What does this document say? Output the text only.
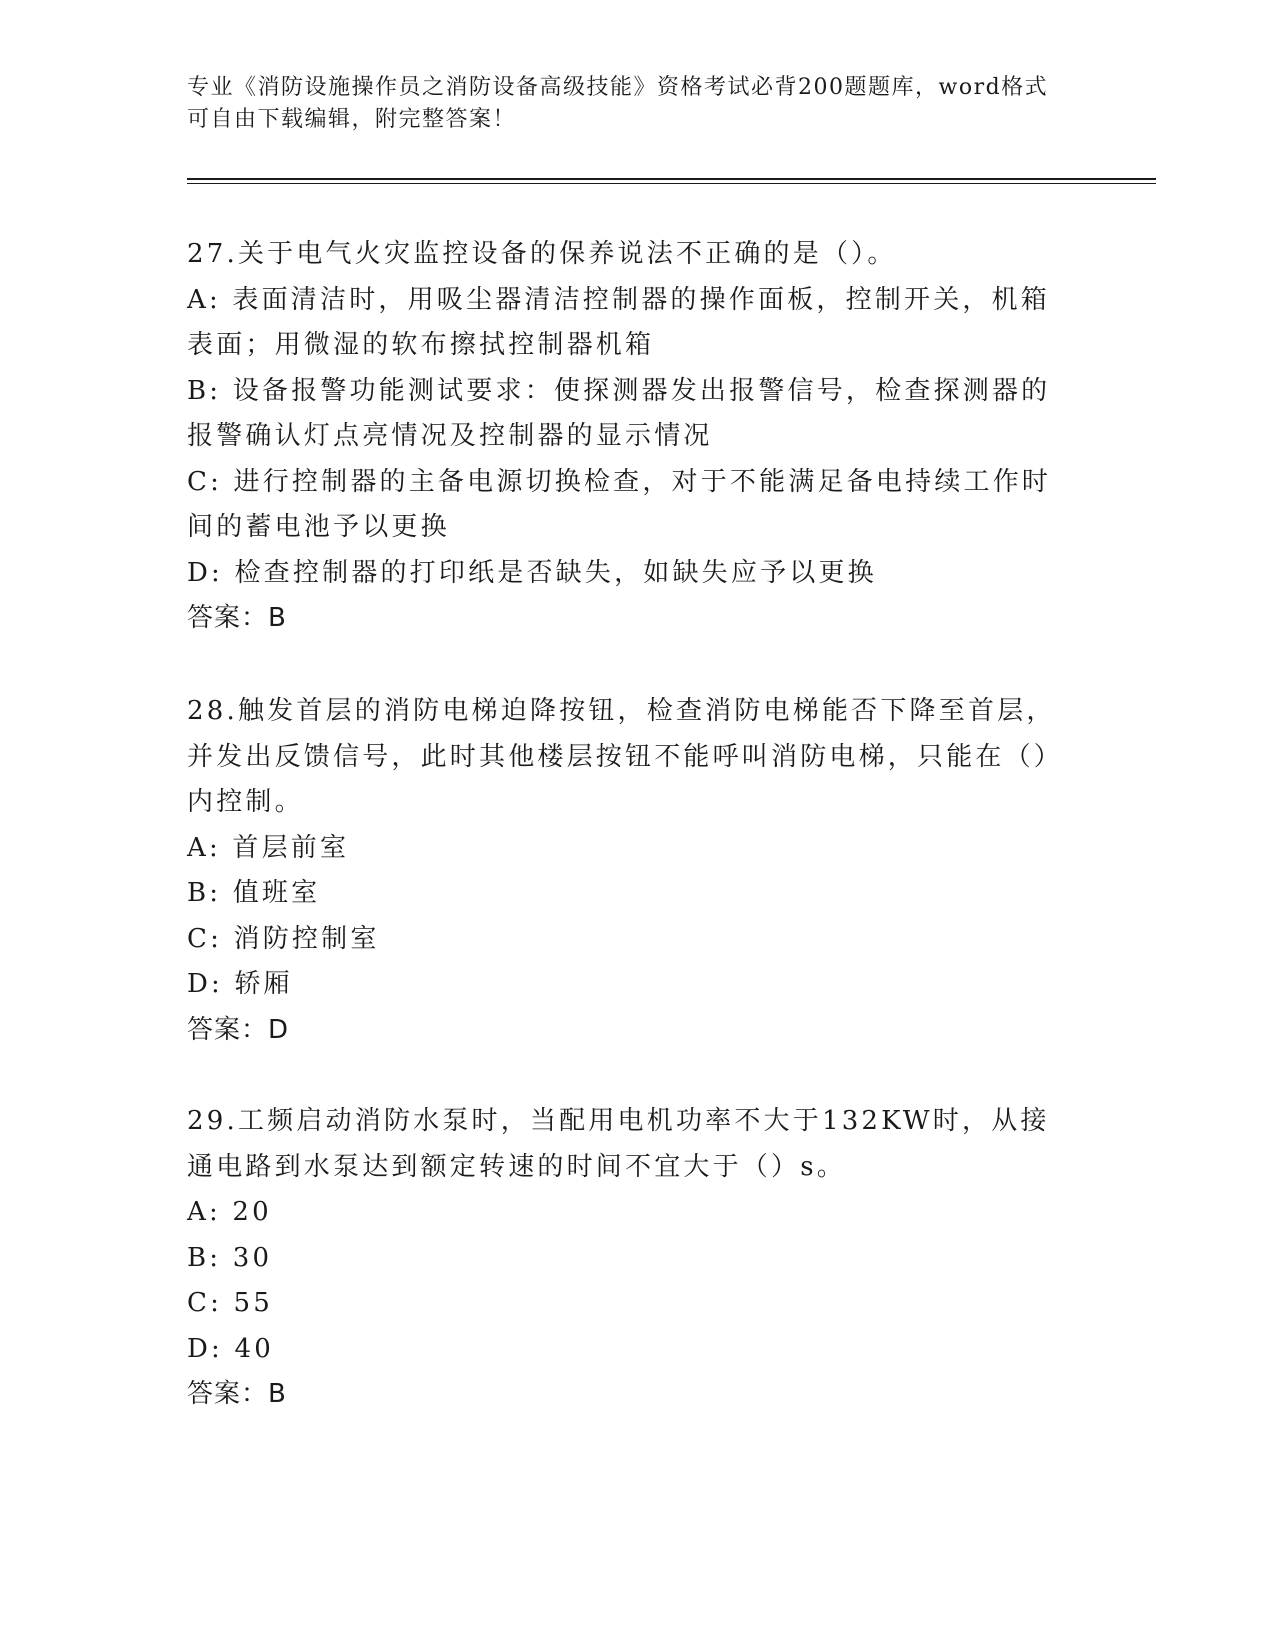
专业《消防设施操作员之消防设备高级技能》资格考试必背200题题库，word格式可自由下载编辑，附完整答案！

27.关于电气火灾监控设备的保养说法不正确的是（）。

A: 表面清洁时，用吸尘器清洁控制器的操作面板，控制开关，机箱表面；用微湿的软布擦拭控制器机箱

B: 设备报警功能测试要求：使探测器发出报警信号，检查探测器的报警确认灯点亮情况及控制器的显示情况

C: 进行控制器的主备电源切换检查，对于不能满足备电持续工作时间的蓄电池予以更换

D: 检查控制器的打印纸是否缺失，如缺失应予以更换

答案：B

28.触发首层的消防电梯迫降按钮，检查消防电梯能否下降至首层，并发出反馈信号，此时其他楼层按钮不能呼叫消防电梯，只能在（）内控制。

A: 首层前室

B: 值班室

C: 消防控制室

D: 轿厢

答案：D

29.工频启动消防水泵时，当配用电机功率不大于132KW时，从接通电路到水泵达到额定转速的时间不宜大于（）s。

A: 20

B: 30

C: 55

D: 40

答案：B
